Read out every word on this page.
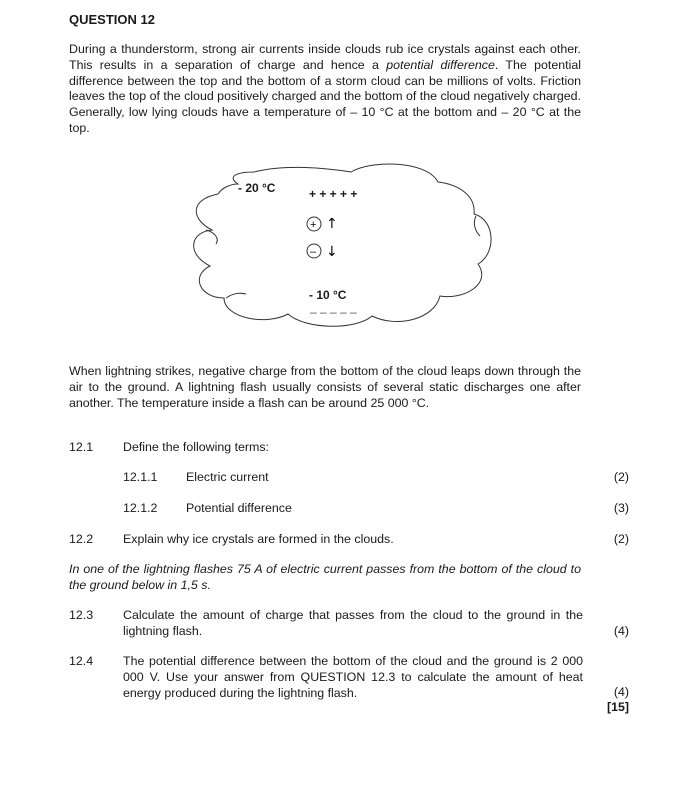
QUESTION 12
During a thunderstorm, strong air currents inside clouds rub ice crystals against each other. This results in a separation of charge and hence a potential difference. The potential difference between the top and the bottom of a storm cloud can be millions of volts. Friction leaves the top of the cloud positively charged and the bottom of the cloud negatively charged. Generally, low lying clouds have a temperature of – 10 °C at the bottom and – 20 °C at the top.
- 20 °C	+ + + + +
+ ↑
– ↓
- 10 °C
– – – – –
When lightning strikes, negative charge from the bottom of the cloud leaps down through the air to the ground. A lightning flash usually consists of several static discharges one after another. The temperature inside a flash can be around 25 000 °C.
12.1 Define the following terms:
12.1.1 Electric current	(2)
12.1.2 Potential difference	(3)
12.2 Explain why ice crystals are formed in the clouds.	(2)
In one of the lightning flashes 75 A of electric current passes from the bottom of the cloud to the ground below in 1,5 s.
12.3 Calculate the amount of charge that passes from the cloud to the ground in the lightning flash.	(4)
12.4 The potential difference between the bottom of the cloud and the ground is 2 000 000 V. Use your answer from QUESTION 12.3 to calculate the amount of heat energy produced during the lightning flash.	(4)
[15]
